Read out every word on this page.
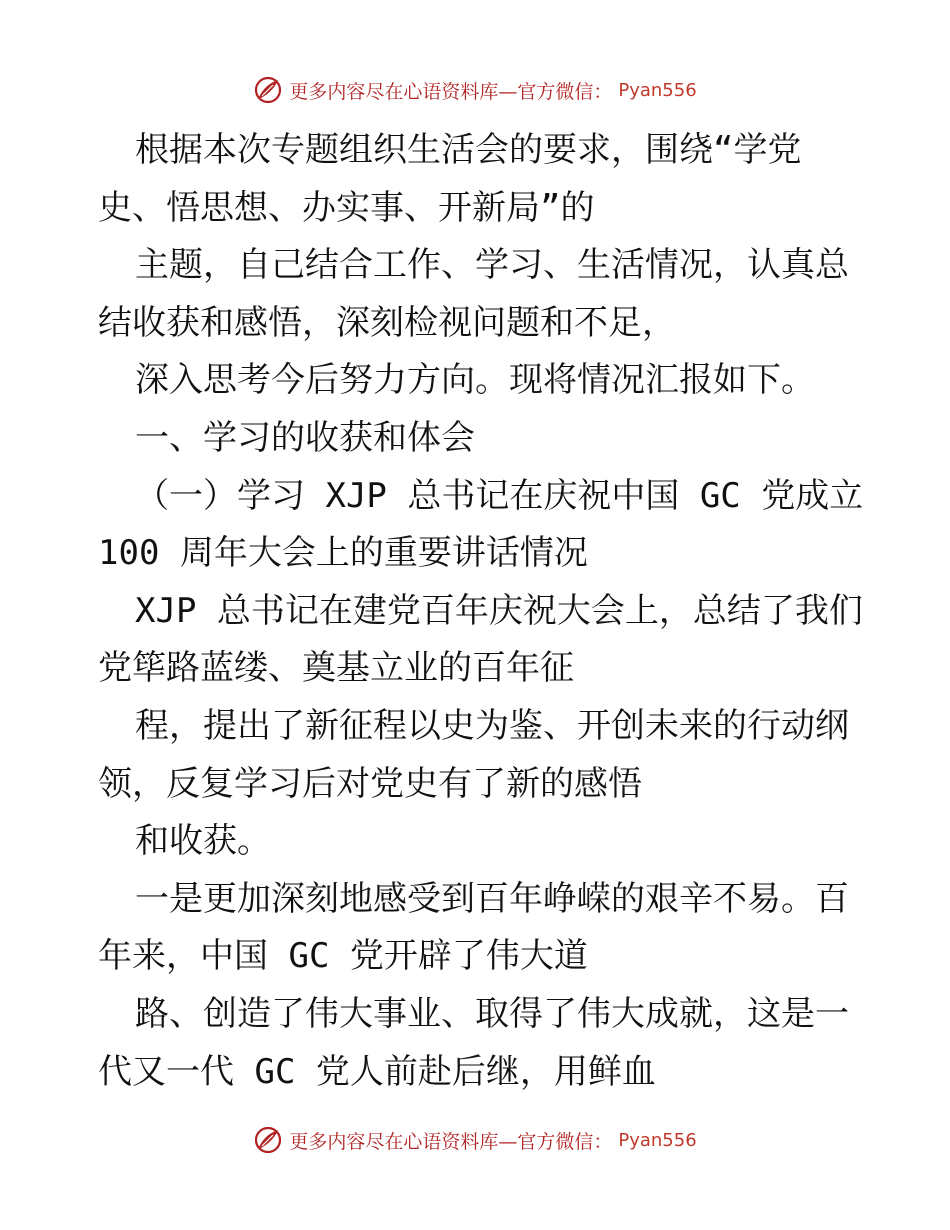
更多内容尽在心语资料库—官方微信： Pyan556
根据本次专题组织生活会的要求，围绕“学党
史、悟思想、办实事、开新局”的
主题，自己结合工作、学习、生活情况，认真总
结收获和感悟，深刻检视问题和不足，
深入思考今后努力方向。现将情况汇报如下。
一、学习的收获和体会
（一）学习 XJP 总书记在庆祝中国 GC 党成立
100 周年大会上的重要讲话情况
XJP 总书记在建党百年庆祝大会上，总结了我们
党筚路蓝缕、奠基立业的百年征
程，提出了新征程以史为鉴、开创未来的行动纲
领，反复学习后对党史有了新的感悟
和收获。
一是更加深刻地感受到百年峥嵘的艰辛不易。百
年来，中国 GC 党开辟了伟大道
路、创造了伟大事业、取得了伟大成就，这是一
代又一代 GC 党人前赴后继，用鲜血
更多内容尽在心语资料库—官方微信： Pyan556
